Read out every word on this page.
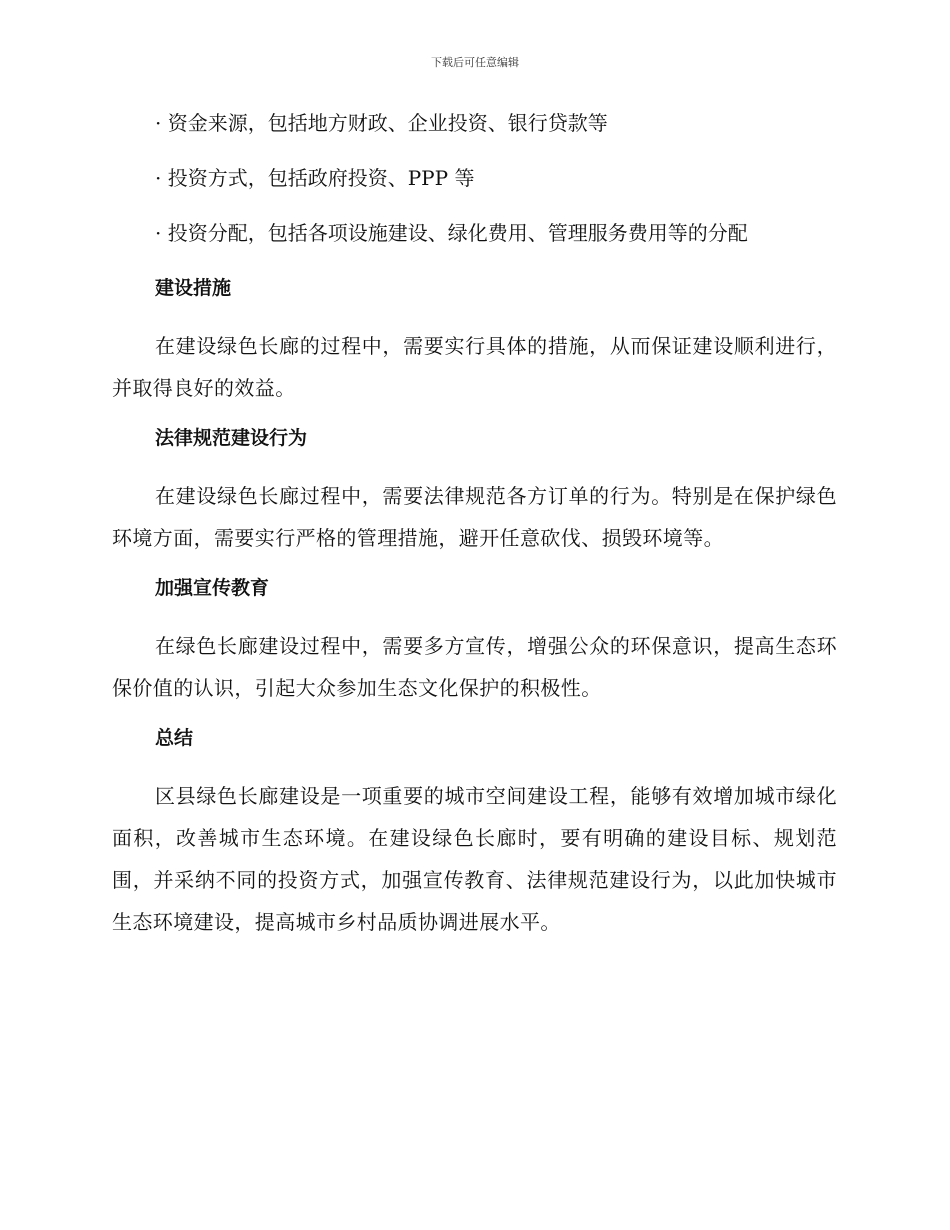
下载后可任意编辑
· 资金来源，包括地方财政、企业投资、银行贷款等
· 投资方式，包括政府投资、PPP 等
· 投资分配，包括各项设施建设、绿化费用、管理服务费用等的分配
建设措施
在建设绿色长廊的过程中，需要实行具体的措施，从而保证建设顺利进行，并取得良好的效益。
法律规范建设行为
在建设绿色长廊过程中，需要法律规范各方订单的行为。特别是在保护绿色环境方面，需要实行严格的管理措施，避开任意砍伐、损毁环境等。
加强宣传教育
在绿色长廊建设过程中，需要多方宣传，增强公众的环保意识，提高生态环保价值的认识，引起大众参加生态文化保护的积极性。
总结
区县绿色长廊建设是一项重要的城市空间建设工程，能够有效增加城市绿化面积，改善城市生态环境。在建设绿色长廊时，要有明确的建设目标、规划范围，并采纳不同的投资方式，加强宣传教育、法律规范建设行为，以此加快城市生态环境建设，提高城市乡村品质协调进展水平。
